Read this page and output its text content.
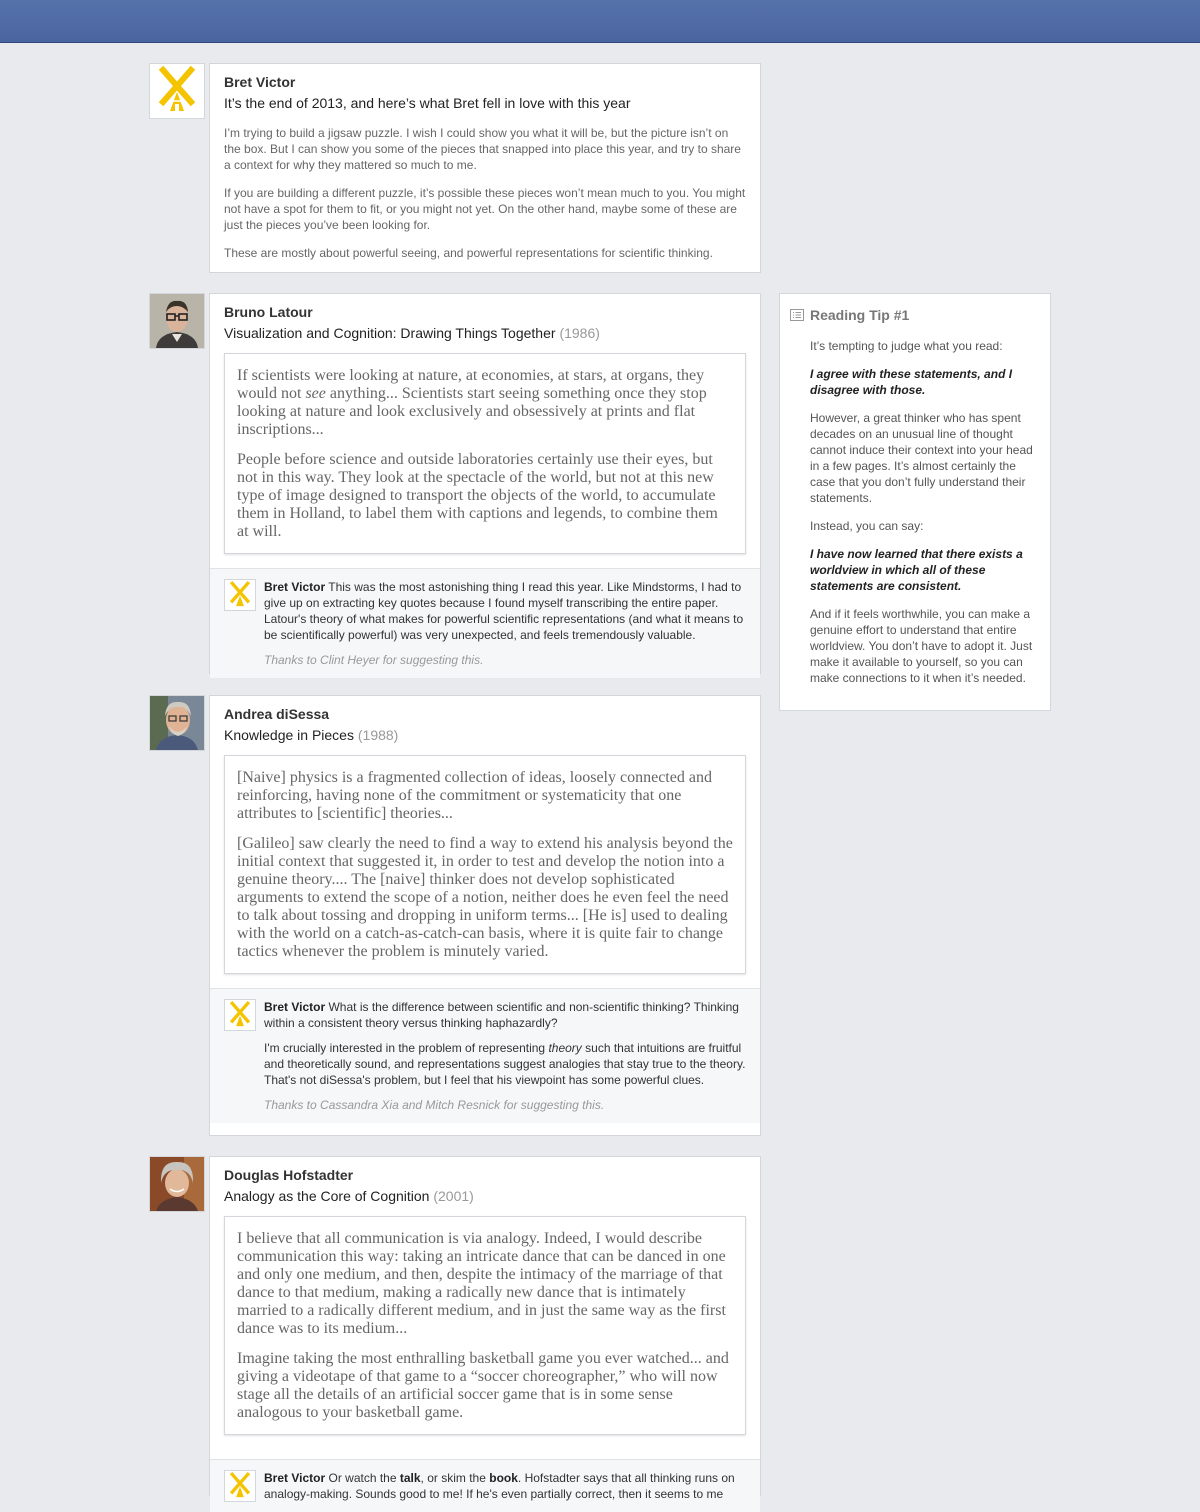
Bret Victor
It’s the end of 2013, and here’s what Bret fell in love with this year

I’m trying to build a jigsaw puzzle. I wish I could show you what it will be, but the picture isn’t on the box. But I can show you some of the pieces that snapped into place this year, and try to share a context for why they mattered so much to me.

If you are building a different puzzle, it’s possible these pieces won’t mean much to you. You might not have a spot for them to fit, or you might not yet. On the other hand, maybe some of these are just the pieces you’ve been looking for.

These are mostly about powerful seeing, and powerful representations for scientific thinking.

Bruno Latour
Visualization and Cognition: Drawing Things Together (1986)

If scientists were looking at nature, at economies, at stars, at organs, they would not see anything... Scientists start seeing something once they stop looking at nature and look exclusively and obsessively at prints and flat inscriptions...

People before science and outside laboratories certainly use their eyes, but not in this way. They look at the spectacle of the world, but not at this new type of image designed to transport the objects of the world, to accumulate them in Holland, to label them with captions and legends, to combine them at will.

Bret Victor This was the most astonishing thing I read this year. Like Mindstorms, I had to give up on extracting key quotes because I found myself transcribing the entire paper. Latour's theory of what makes for powerful scientific representations (and what it means to be scientifically powerful) was very unexpected, and feels tremendously valuable.
Thanks to Clint Heyer for suggesting this.
Andrea diSessa
Knowledge in Pieces (1988)

[Naive] physics is a fragmented collection of ideas, loosely connected and reinforcing, having none of the commitment or systematicity that one attributes to [scientific] theories...

[Galileo] saw clearly the need to find a way to extend his analysis beyond the initial context that suggested it, in order to test and develop the notion into a genuine theory.... The [naive] thinker does not develop sophisticated arguments to extend the scope of a notion, neither does he even feel the need to talk about tossing and dropping in uniform terms... [He is] used to dealing with the world on a catch-as-catch-can basis, where it is quite fair to change tactics whenever the problem is minutely varied.

Bret Victor What is the difference between scientific and non-scientific thinking? Thinking within a consistent theory versus thinking haphazardly?

I'm crucially interested in the problem of representing theory such that intuitions are fruitful and theoretically sound, and representations suggest analogies that stay true to the theory. That's not diSessa's problem, but I feel that his viewpoint has some powerful clues.

Thanks to Cassandra Xia and Mitch Resnick for suggesting this.
Douglas Hofstadter
Analogy as the Core of Cognition (2001)

I believe that all communication is via analogy. Indeed, I would describe communication this way: taking an intricate dance that can be danced in one and only one medium, and then, despite the intimacy of the marriage of that dance to that medium, making a radically new dance that is intimately married to a radically different medium, and in just the same way as the first dance was to its medium...

Imagine taking the most enthralling basketball game you ever watched... and giving a videotape of that game to a “soccer choreographer,” who will now stage all the details of an artificial soccer game that is in some sense analogous to your basketball game.

Bret Victor Or watch the talk, or skim the book. Hofstadter says that all thinking runs on analogy-making. Sounds good to me! If he's even partially correct, then it seems to me
Reading Tip #1

It’s tempting to judge what you read:

I agree with these statements, and I disagree with those.

However, a great thinker who has spent decades on an unusual line of thought cannot induce their context into your head in a few pages. It’s almost certainly the case that you don’t fully understand their statements.

Instead, you can say:

I have now learned that there exists a worldview in which all of these statements are consistent.

And if it feels worthwhile, you can make a genuine effort to understand that entire worldview. You don’t have to adopt it. Just make it available to yourself, so you can make connections to it when it’s needed.
